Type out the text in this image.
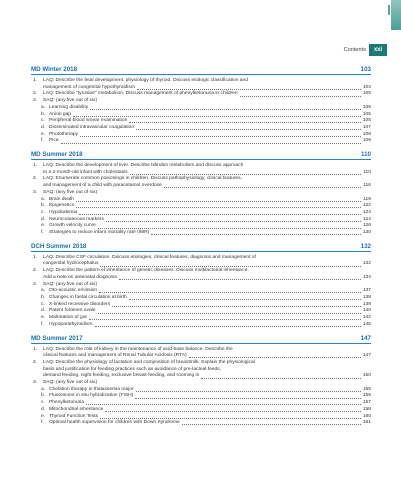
Contents	xxi
MD Winter 2018	103
1.	LAQ: Describe the fetal development, physiology of thyroid. Discuss etiologic classification and
management of congenital hypothyroidism	103
2.	LAQ: Describe “tyrosine” metabolism. Discuss management of phenylketonuria in children	105
3.	SAQ: (any five out of six)
a. Learning disability	105
b. Anion gap	105
c. Peripheral blood smear examination	105
d. Disseminated intravascular coagulation	107
e. Phototherapy	108
f.	Pica	109
MD Summer 2018	110
1.	LAQ: Describe the development of liver. Describe bilirubin metabolism and discuss approach
to a 2-month-old infant with cholestasis	110
2.	LAQ: Enumerate common poisonings in children. Discuss pathophysiology, clinical features,
and management of a child with paracetamol overdose	116
3.	SAQ: (any five out of six)
a. Brain death	119
b. Epigenetics	122
c. Hypokalemia	124
d. Neurocutaneous markers	124
e. Growth velocity curve	126
f.	Strategies to reduce infant mortality rate (IMR)	130
DCH Summer 2018	132
1.	LAQ: Describe CSF circulation. Discuss etiologies, clinical features, diagnosis and management of
congenital hydrocephalus	132
2.	LAQ: Describe the pattern of inheritance of genetic diseases. Discuss multifactorial inheritance.
Add a note on antenatal diagnosis	134
3.	SAQ: (any five out of six)
a. Oto-acoustic emission	137
b. Changes in foetal circulation at birth	138
c. X-linked recessive disorders	139
d. Patent foramen ovale	140
e. Malrotation of gut	142
f.	Hypoparathyroidism	145
MD Summer 2017	147
1.	LAQ: Describe the role of kidney in the maintenance of acid-base balance. Describe the
clinical features and management of Renal Tubular Acidosis (RTA)	147
2.	LAQ: Describe the physiology of lactation and composition of breastmilk. Explain the physiological
basis and justification for feeding practices such as avoidance of pre-lacteal feeds,
demand feeding, night feeding, exclusive breast-feeding, and rooming in	150
3.	SAQ: (any five out of six)
a. Chelation therapy in thalassemia major	155
b. Fluorescent in situ hybridization (FISH)	155
c. Phenylketonuria	157
d. Mitochondrial inheritance	158
e. Thyroid Function Tests	160
f.	Optimal health supervision for children with Down Syndrome	161
